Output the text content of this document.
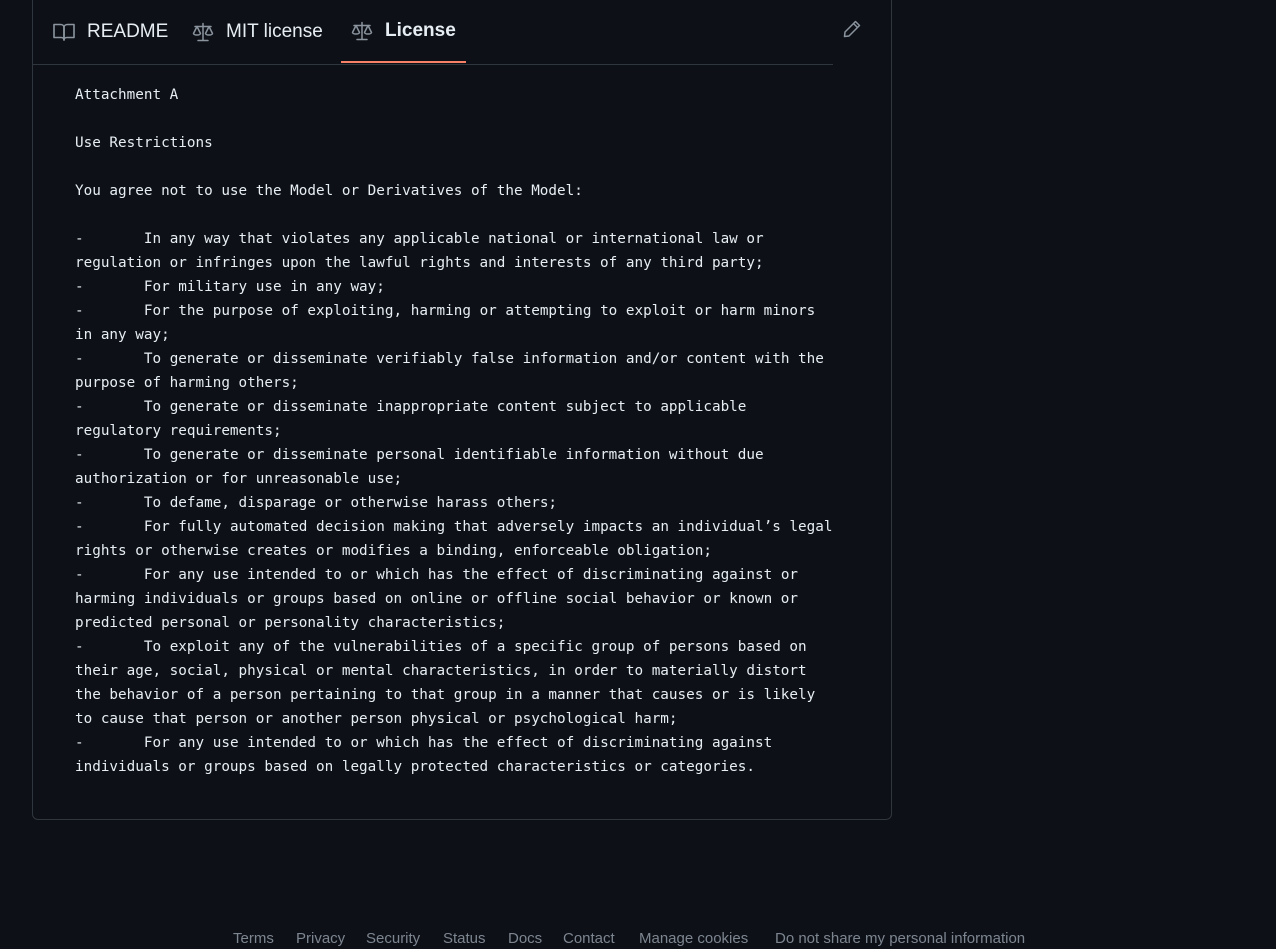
README	MIT license	License
Attachment A

Use Restrictions

You agree not to use the Model or Derivatives of the Model:

-	In any way that violates any applicable national or international law or
regulation or infringes upon the lawful rights and interests of any third party;
-	For military use in any way;
-	For the purpose of exploiting, harming or attempting to exploit or harm minors
in any way;
-	To generate or disseminate verifiably false information and/or content with the
purpose of harming others;
-	To generate or disseminate inappropriate content subject to applicable
regulatory requirements;
-	To generate or disseminate personal identifiable information without due
authorization or for unreasonable use;
-	To defame, disparage or otherwise harass others;
-	For fully automated decision making that adversely impacts an individual’s legal
rights or otherwise creates or modifies a binding, enforceable obligation;
-	For any use intended to or which has the effect of discriminating against or
harming individuals or groups based on online or offline social behavior or known or
predicted personal or personality characteristics;
-	To exploit any of the vulnerabilities of a specific group of persons based on
their age, social, physical or mental characteristics, in order to materially distort
the behavior of a person pertaining to that group in a manner that causes or is likely
to cause that person or another person physical or psychological harm;
-	For any use intended to or which has the effect of discriminating against
individuals or groups based on legally protected characteristics or categories.
Terms Privacy Security Status Docs Contact Manage cookies Do not share my personal information
